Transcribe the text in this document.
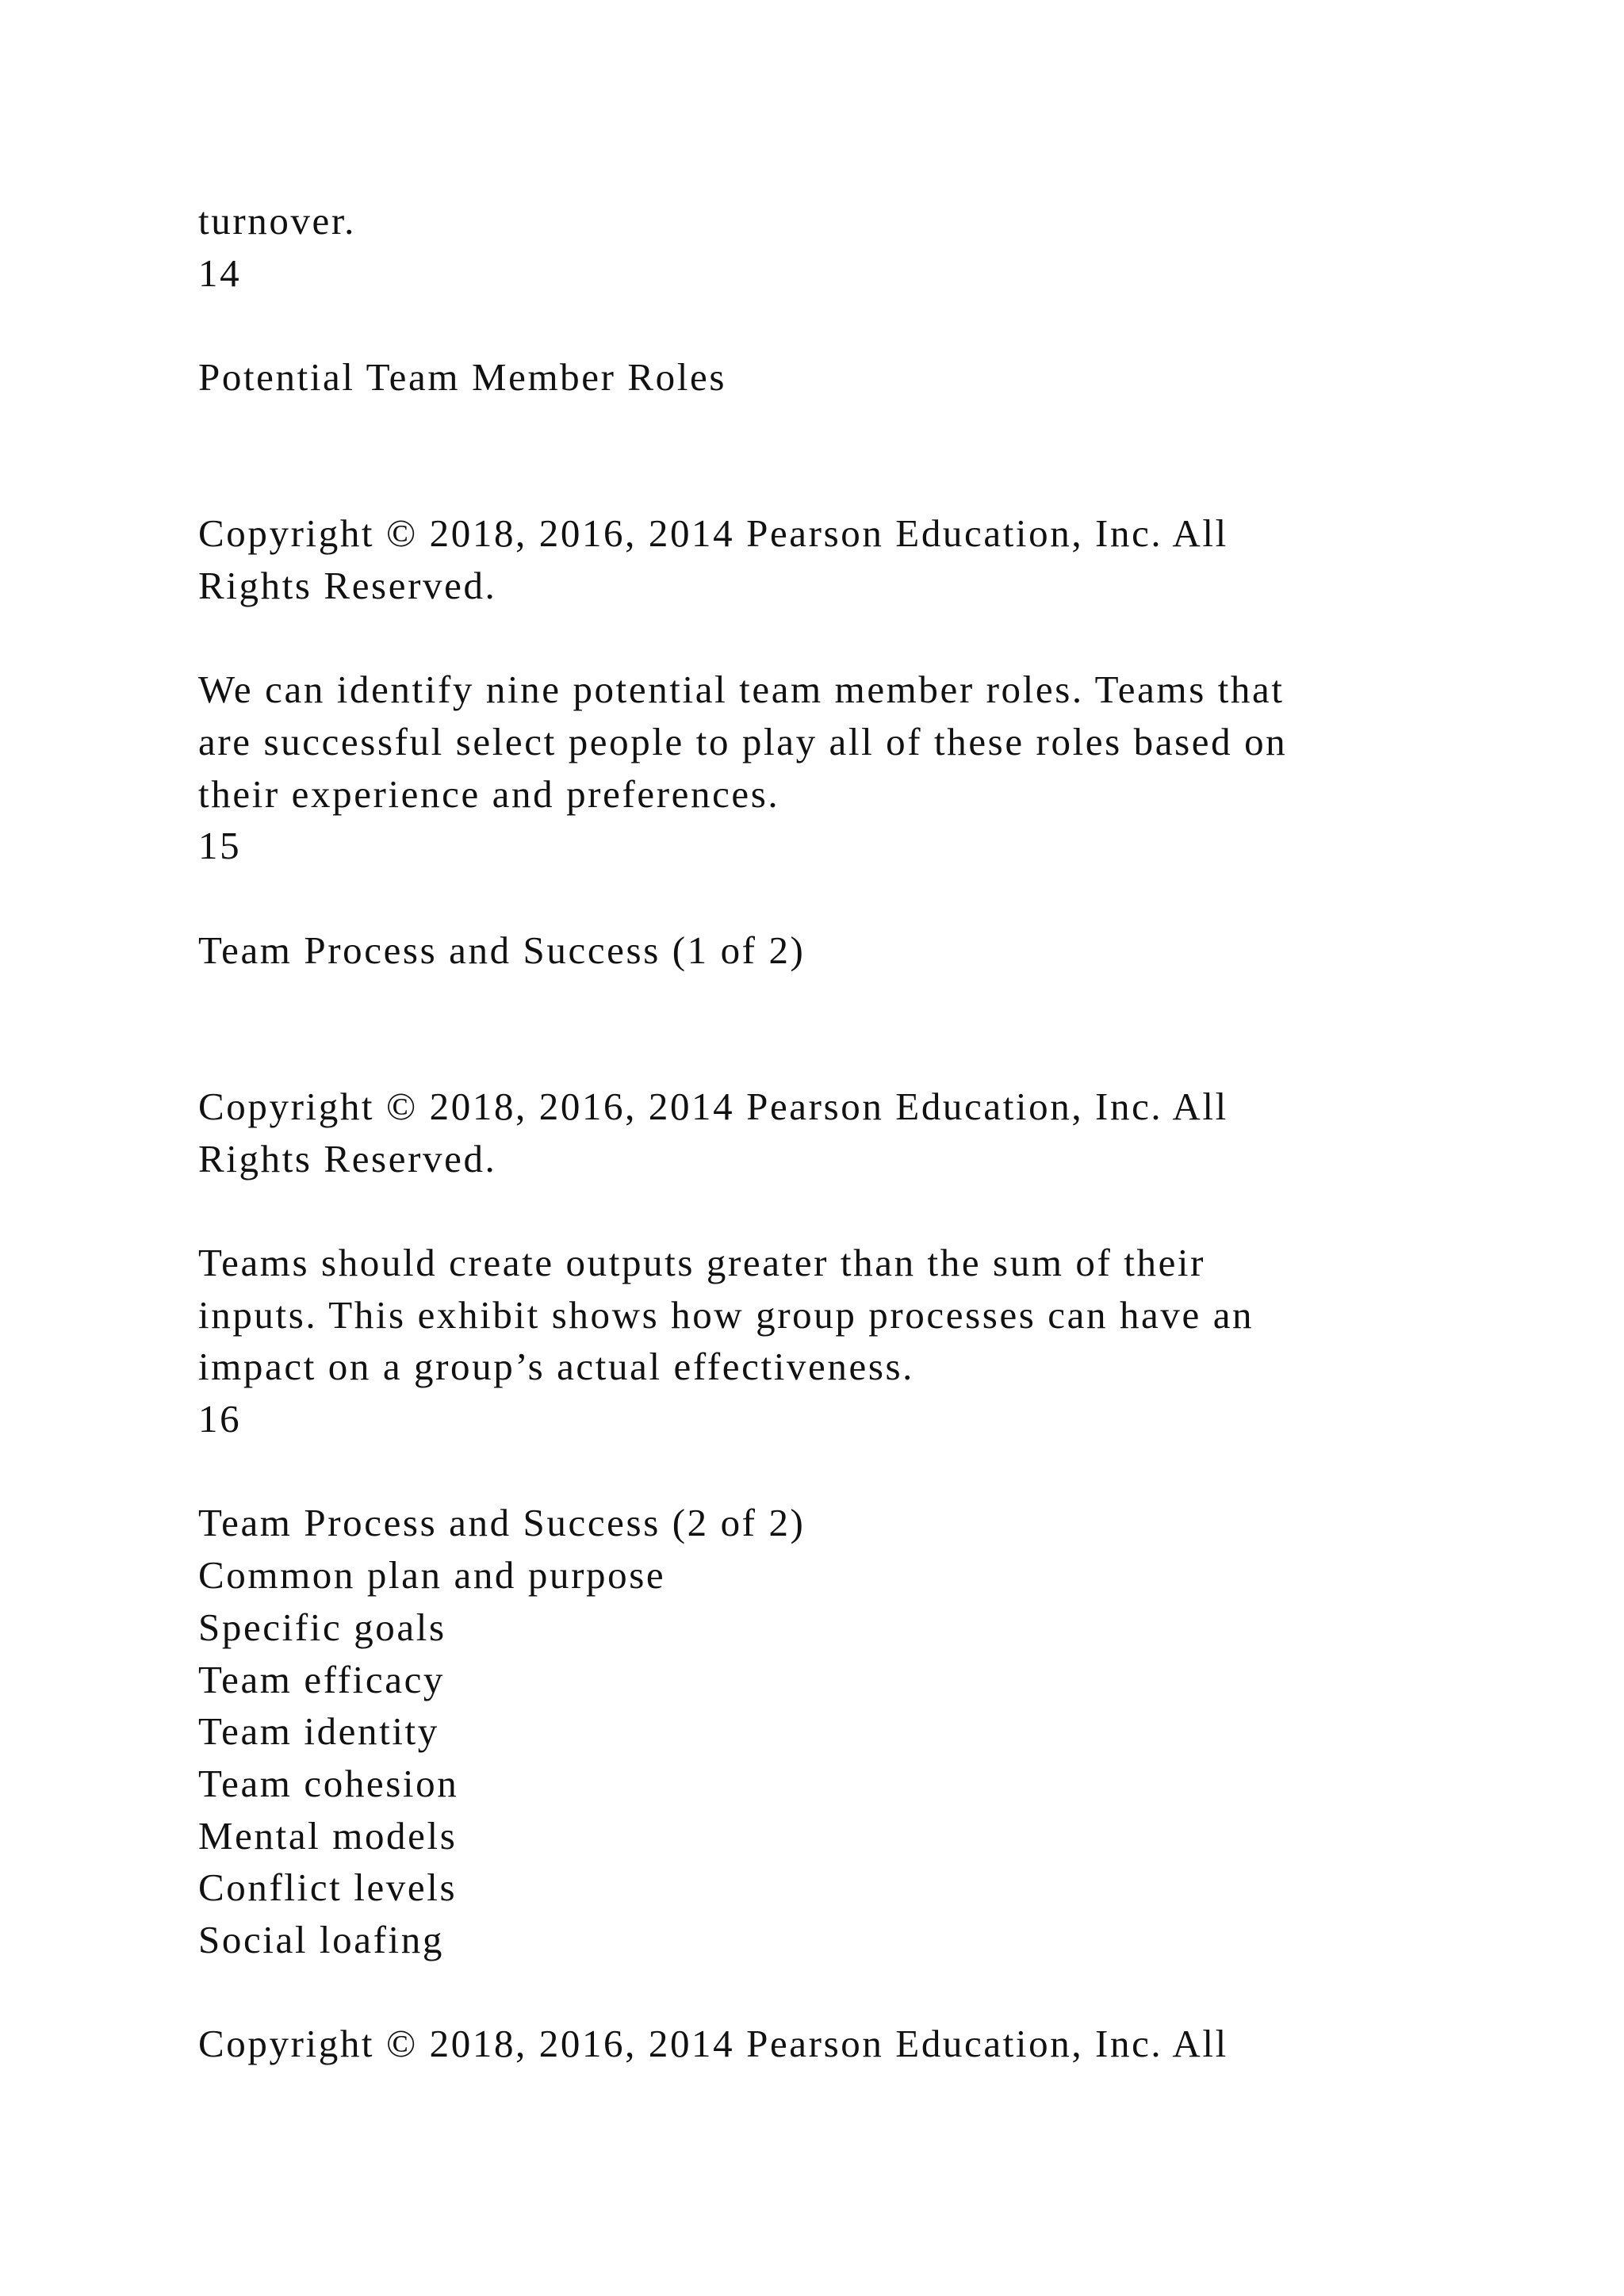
turnover.
14
Potential Team Member Roles
Copyright © 2018, 2016, 2014 Pearson Education, Inc. All
Rights Reserved.
We can identify nine potential team member roles. Teams that
are successful select people to play all of these roles based on
their experience and preferences.
15
Team Process and Success (1 of 2)
Copyright © 2018, 2016, 2014 Pearson Education, Inc. All
Rights Reserved.
Teams should create outputs greater than the sum of their
inputs. This exhibit shows how group processes can have an
impact on a group’s actual effectiveness.
16
Team Process and Success (2 of 2)
Common plan and purpose
Specific goals
Team efficacy
Team identity
Team cohesion
Mental models
Conflict levels
Social loafing
Copyright © 2018, 2016, 2014 Pearson Education, Inc. All
